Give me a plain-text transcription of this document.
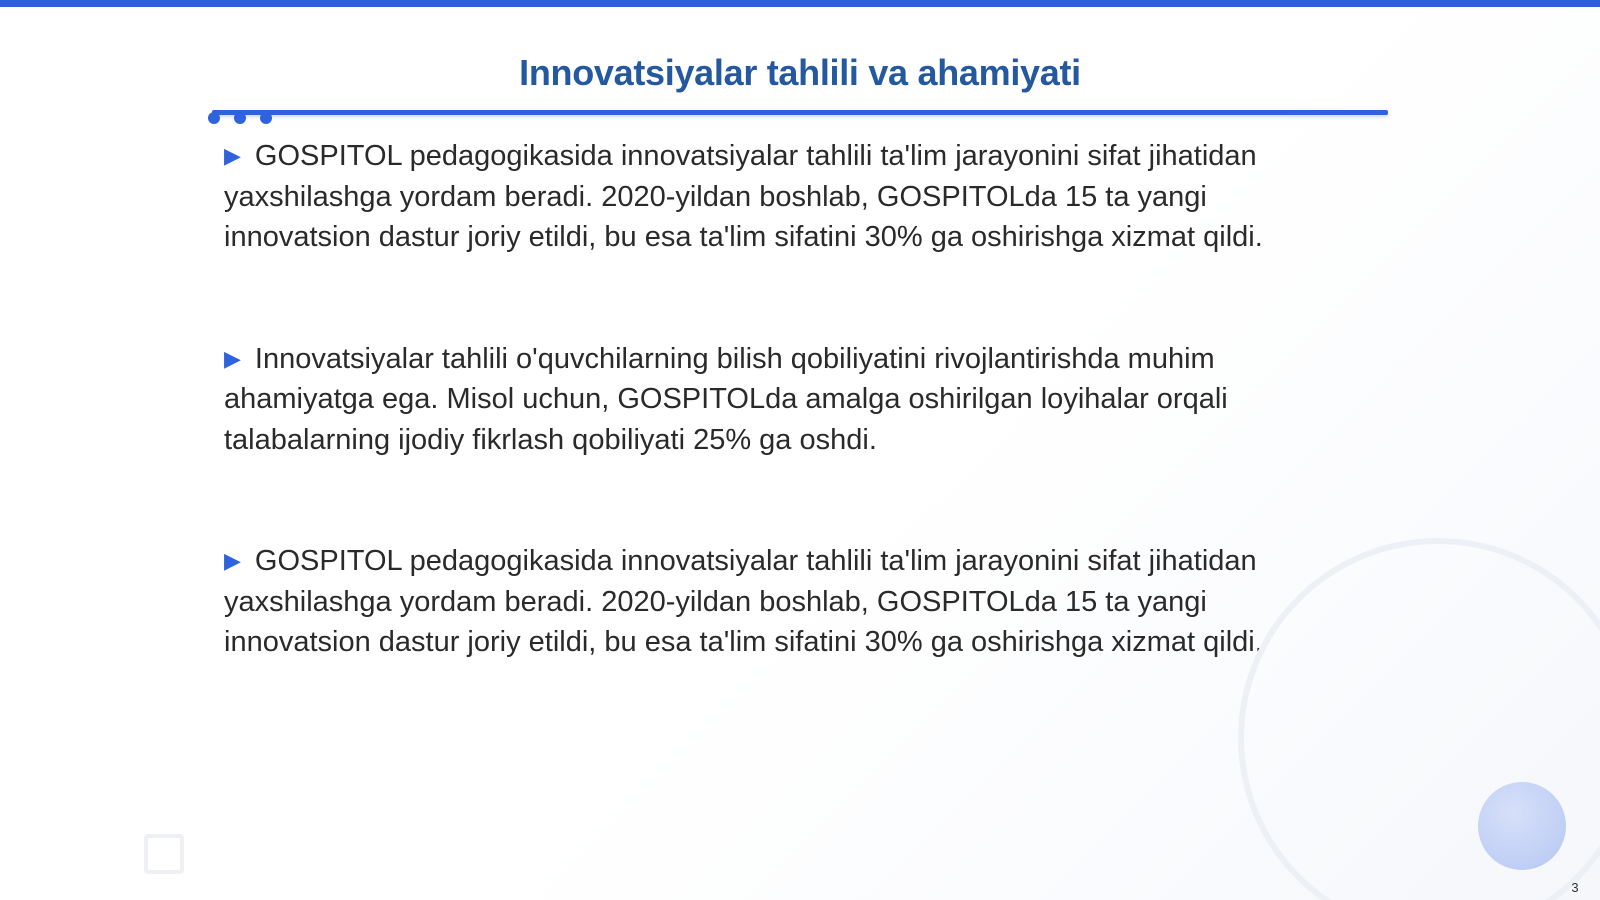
Innovatsiyalar tahlili va ahamiyati

▶ GOSPITOL pedagogikasida innovatsiyalar tahlili ta'lim jarayonini sifat jihatidan yaxshilashga yordam beradi. 2020-yildan boshlab, GOSPITOLda 15 ta yangi innovatsion dastur joriy etildi, bu esa ta'lim sifatini 30% ga oshirishga xizmat qildi.

▶ Innovatsiyalar tahlili o'quvchilarning bilish qobiliyatini rivojlantirishda muhim ahamiyatga ega. Misol uchun, GOSPITOLda amalga oshirilgan loyihalar orqali talabalarning ijodiy fikrlash qobiliyati 25% ga oshdi.

▶ GOSPITOL pedagogikasida innovatsiyalar tahlili ta'lim jarayonini sifat jihatidan yaxshilashga yordam beradi. 2020-yildan boshlab, GOSPITOLda 15 ta yangi innovatsion dastur joriy etildi, bu esa ta'lim sifatini 30% ga oshirishga xizmat qildi.

3
